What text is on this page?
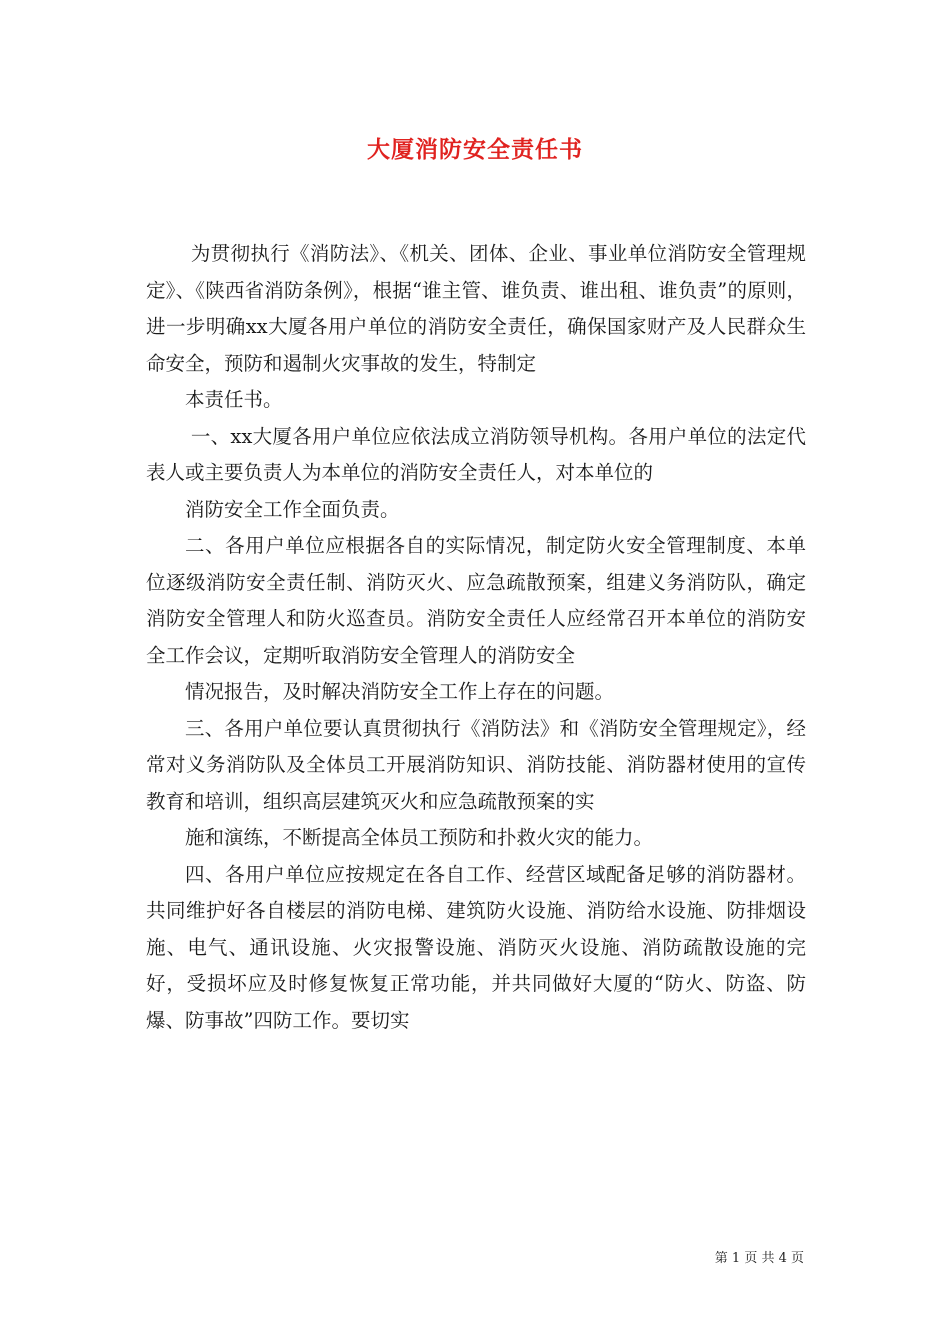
大厦消防安全责任书

为贯彻执行《消防法》、《机关、团体、企业、事业单位消防安全管理规定》、《陕西省消防条例》，根据“谁主管、谁负责、谁出租、谁负责”的原则，进一步明确xx大厦各用户单位的消防安全责任，确保国家财产及人民群众生命安全，预防和遏制火灾事故的发生，特制定

本责任书。

一、xx大厦各用户单位应依法成立消防领导机构。各用户单位的法定代表人或主要负责人为本单位的消防安全责任人，对本单位的

消防安全工作全面负责。

二、各用户单位应根据各自的实际情况，制定防火安全管理制度、本单位逐级消防安全责任制、消防灭火、应急疏散预案，组建义务消防队，确定消防安全管理人和防火巡查员。消防安全责任人应经常召开本单位的消防安全工作会议，定期听取消防安全管理人的消防安全

情况报告，及时解决消防安全工作上存在的问题。

三、各用户单位要认真贯彻执行《消防法》和《消防安全管理规定》，经常对义务消防队及全体员工开展消防知识、消防技能、消防器材使用的宣传教育和培训，组织高层建筑灭火和应急疏散预案的实

施和演练，不断提高全体员工预防和扑救火灾的能力。

四、各用户单位应按规定在各自工作、经营区域配备足够的消防器材。共同维护好各自楼层的消防电梯、建筑防火设施、消防给水设施、防排烟设施、电气、通讯设施、火灾报警设施、消防灭火设施、消防疏散设施的完好，受损坏应及时修复恢复正常功能，并共同做好大厦的“防火、防盗、防爆、防事故”四防工作。要切实

第 1 页 共 4 页
